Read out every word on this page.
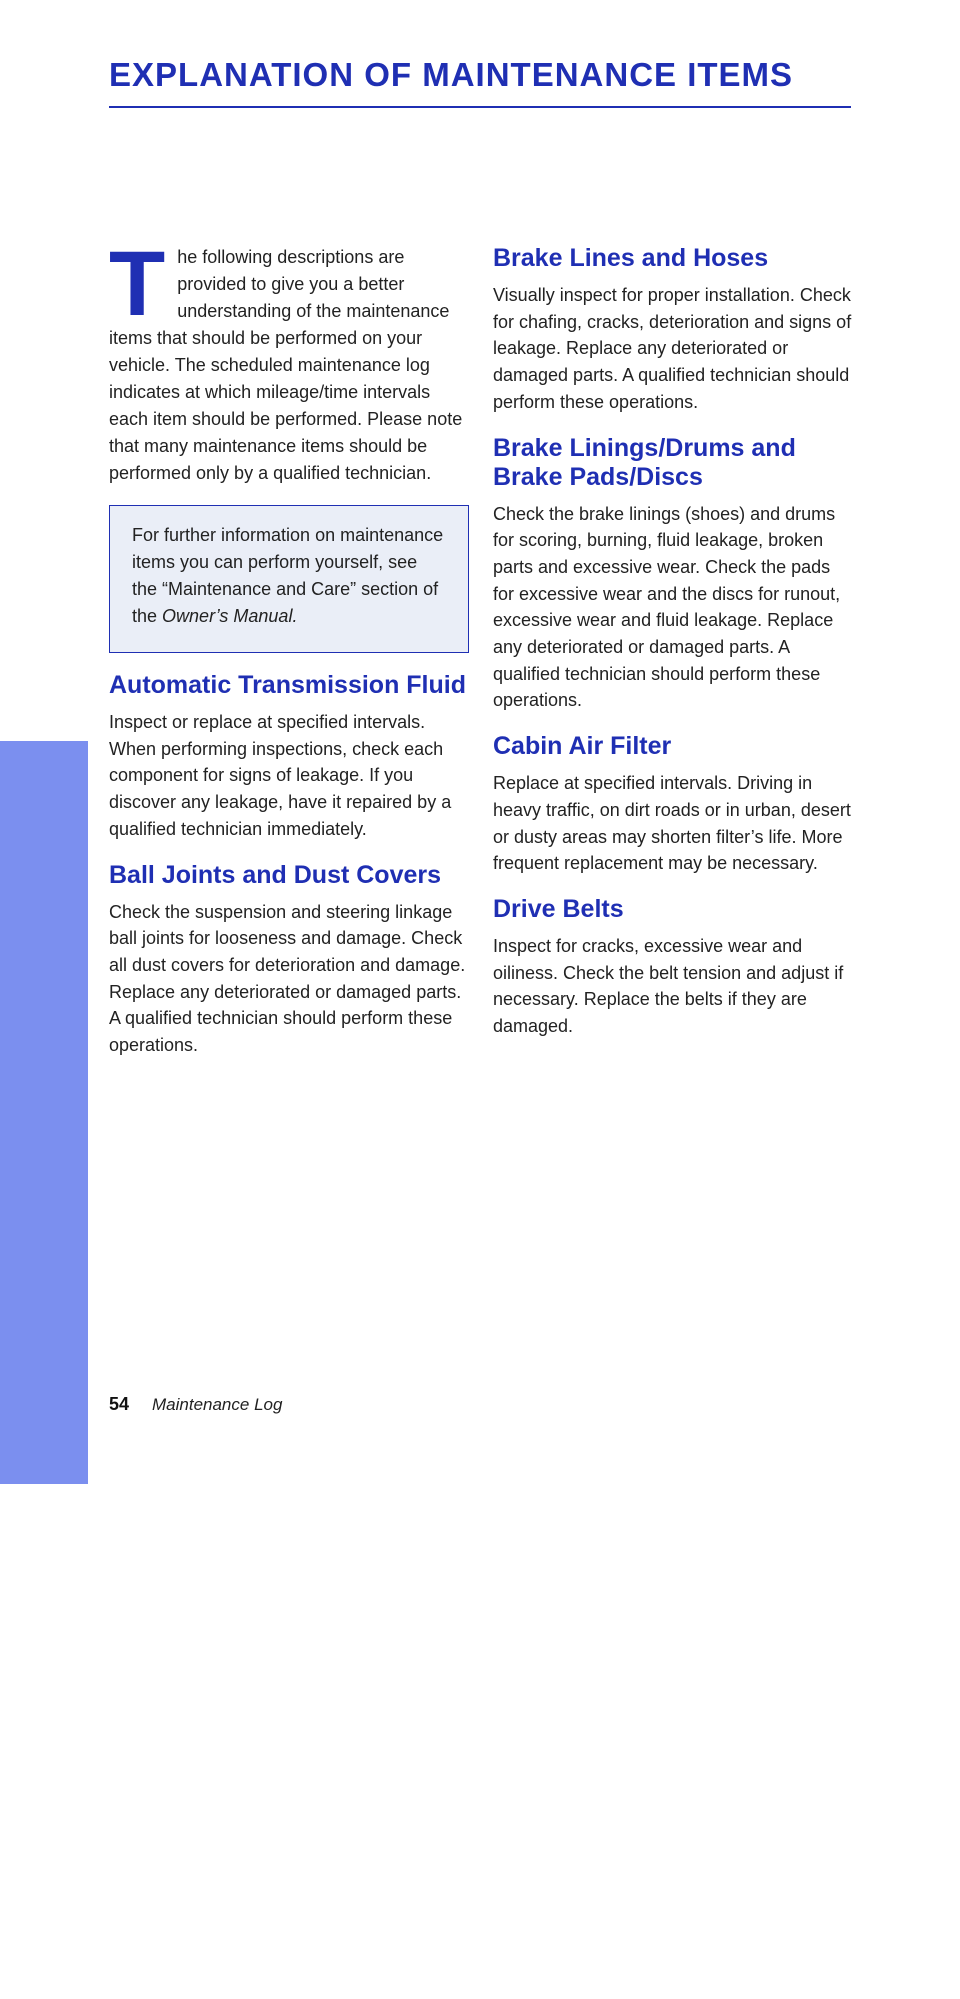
EXPLANATION OF MAINTENANCE ITEMS
MAINTENANCE

The following descriptions are provided to give you a better understanding of the maintenance items that should be performed on your vehicle. The scheduled maintenance log indicates at which mileage/time intervals each item should be performed. Please note that many maintenance items should be performed only by a qualified technician.

For further information on maintenance items you can perform yourself, see the “Maintenance and Care” section of the Owner’s Manual.
Automatic Transmission Fluid

Inspect or replace at specified intervals. When performing inspections, check each component for signs of leakage. If you discover any leakage, have it repaired by a qualified technician immediately.

Ball Joints and Dust Covers

Check the suspension and steering linkage ball joints for looseness and damage. Check all dust covers for deterioration and damage. Replace any deteriorated or damaged parts. A qualified technician should perform these operations.

Brake Lines and Hoses

Visually inspect for proper installation. Check for chafing, cracks, deterioration and signs of leakage. Replace any deteriorated or damaged parts. A qualified technician should perform these operations.

Brake Linings/Drums and Brake Pads/Discs

Check the brake linings (shoes) and drums for scoring, burning, fluid leakage, broken parts and excessive wear. Check the pads for excessive wear and the discs for runout, excessive wear and fluid leakage. Replace any deteriorated or damaged parts. A qualified technician should perform these operations.

Cabin Air Filter

Replace at specified intervals. Driving in heavy traffic, on dirt roads or in urban, desert or dusty areas may shorten filter’s life. More frequent replacement may be necessary.

Drive Belts

Inspect for cracks, excessive wear and oiliness. Check the belt tension and adjust if necessary. Replace the belts if they are damaged.

54 Maintenance Log
